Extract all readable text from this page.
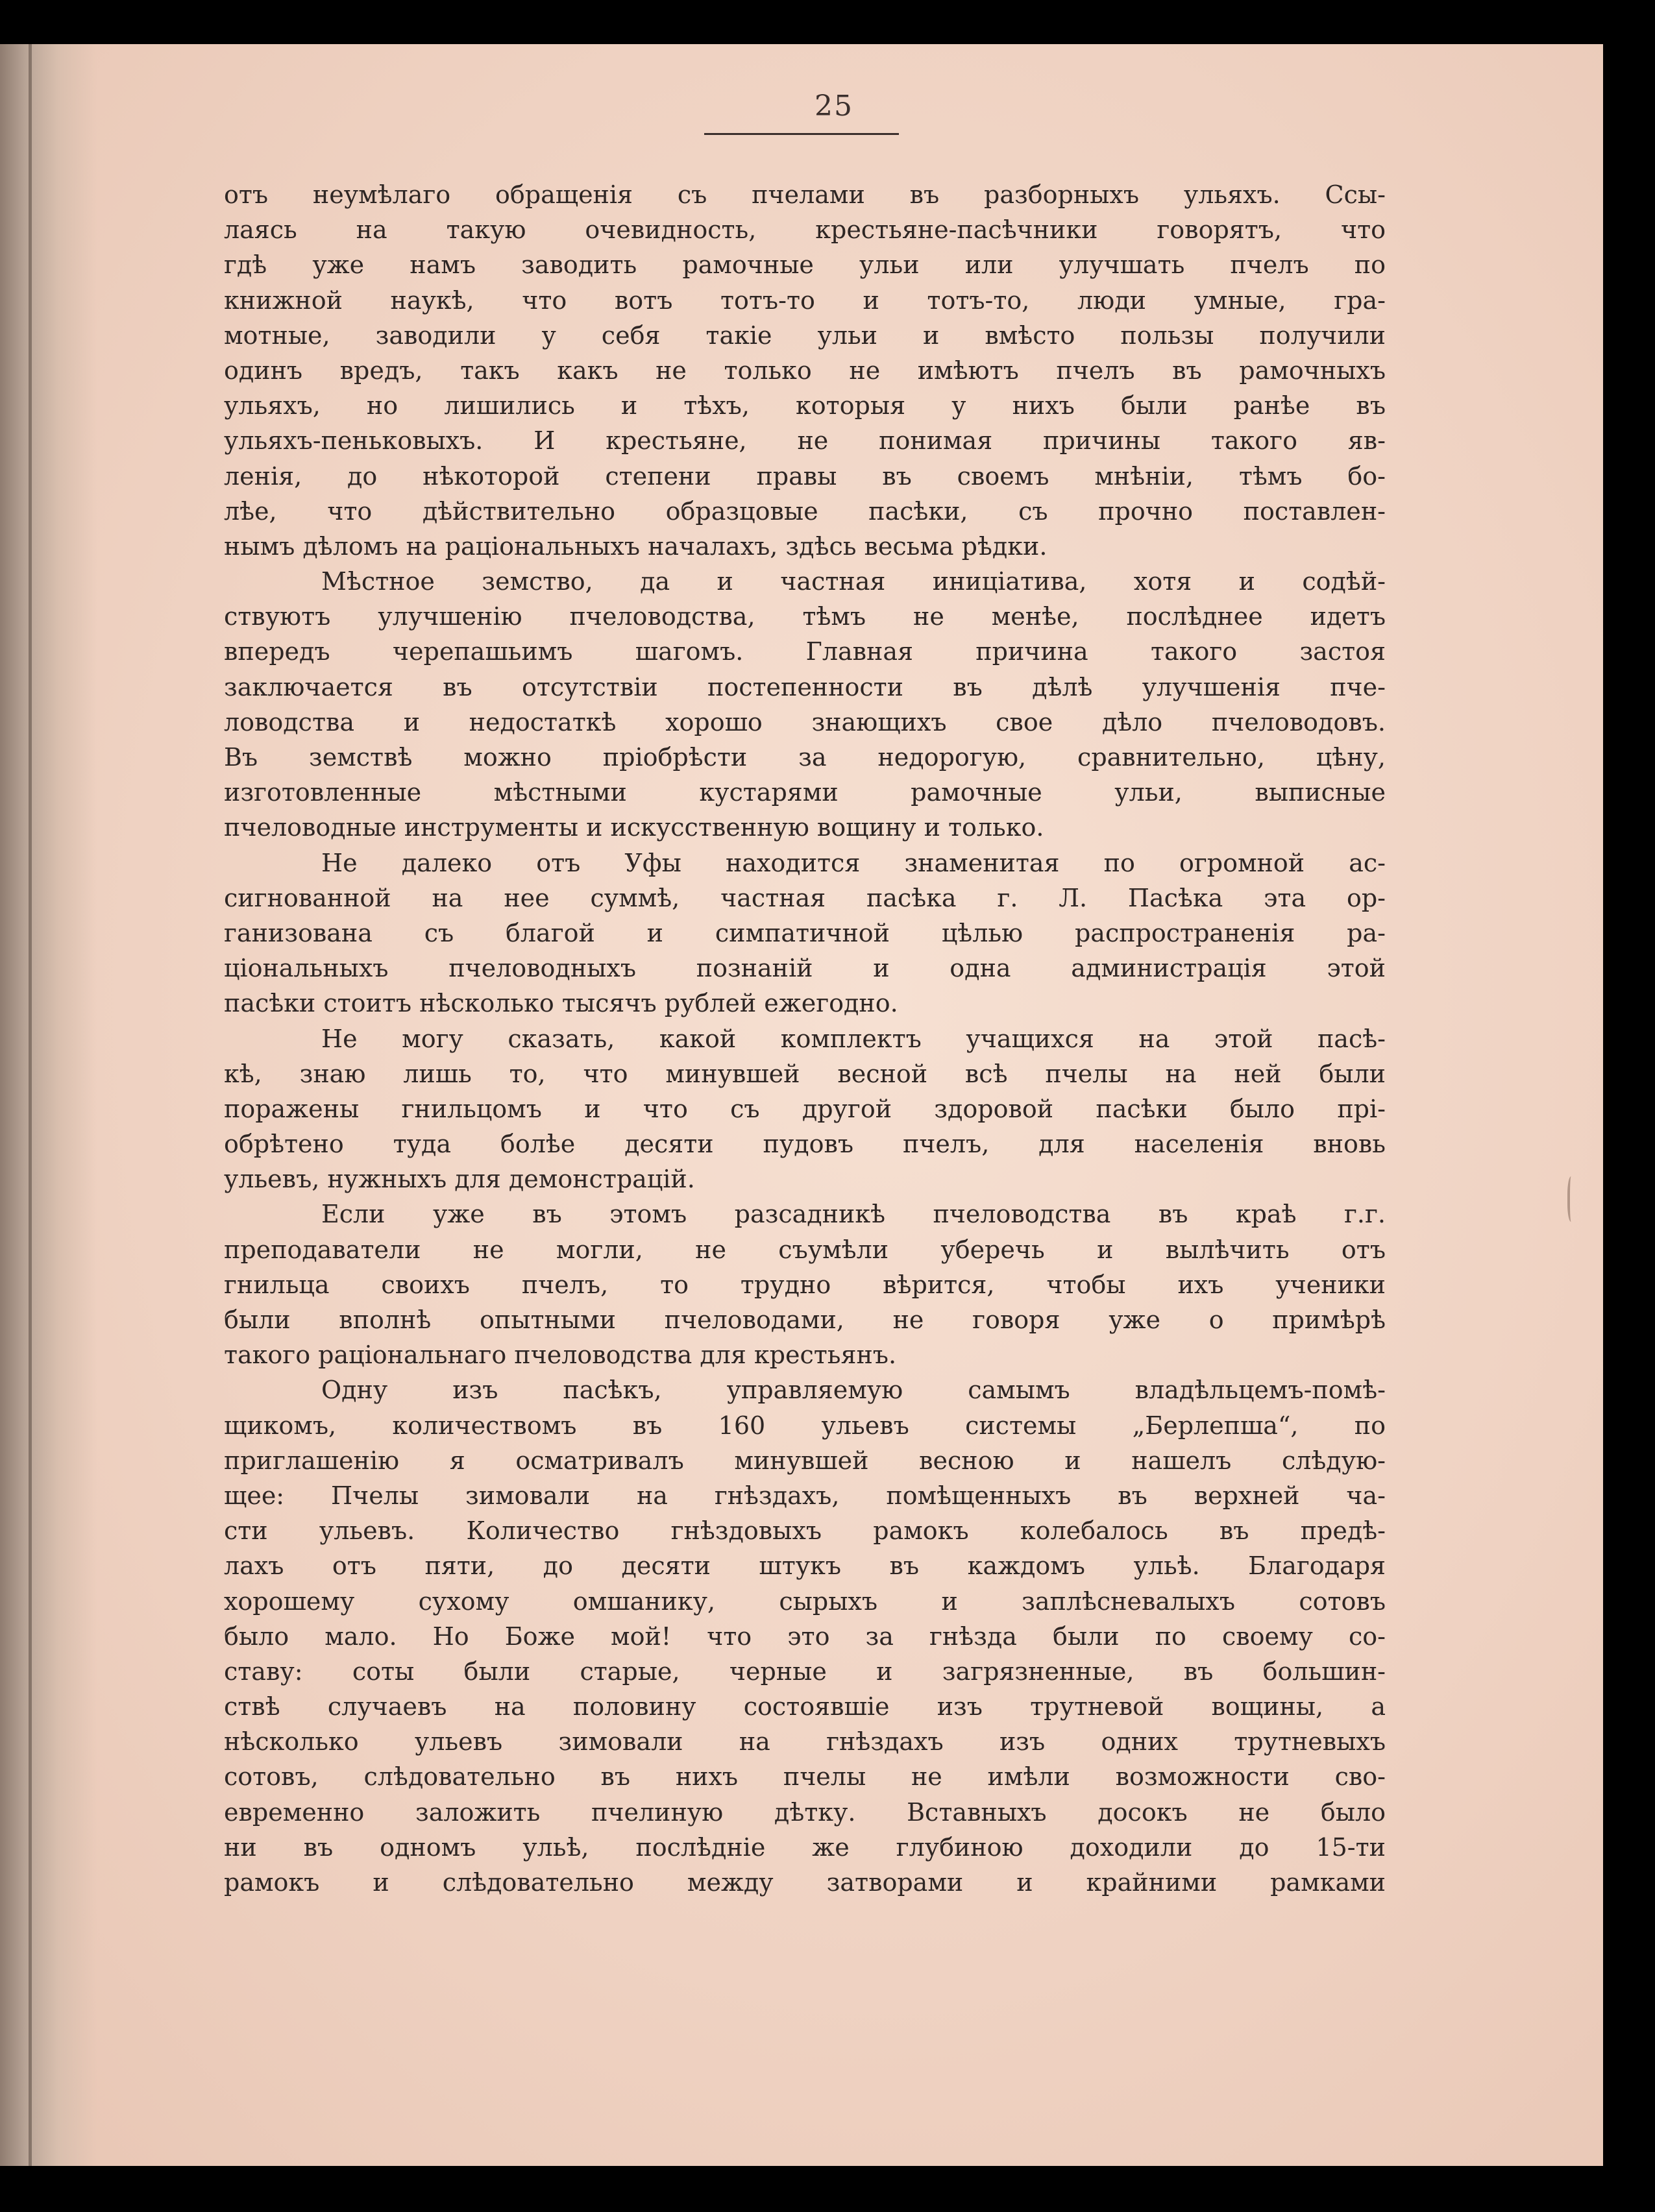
25
отъ неумѣлаго обращенія съ пчелами въ разборныхъ ульяхъ. Ссы-
лаясь на такую очевидность, крестьяне-пасѣчники говорятъ, что
гдѣ уже намъ заводить рамочные ульи или улучшать пчелъ по
книжной наукѣ, что вотъ тотъ-то и тотъ-то, люди умные, гра-
мотные, заводили у себя такіе ульи и вмѣсто пользы получили
одинъ вредъ, такъ какъ не только не имѣютъ пчелъ въ рамочныхъ
ульяхъ, но лишились и тѣхъ, которыя у нихъ были ранѣе въ
ульяхъ-пеньковыхъ. И крестьяне, не понимая причины такого яв-
ленія, до нѣкоторой степени правы въ своемъ мнѣніи, тѣмъ бо-
лѣе, что дѣйствительно образцовые пасѣки, съ прочно поставлен-
нымъ дѣломъ на раціональныхъ началахъ, здѣсь весьма рѣдки.
Мѣстное земство, да и частная иниціатива, хотя и содѣй-
ствуютъ улучшенію пчеловодства, тѣмъ не менѣе, послѣднее идетъ
впередъ черепашьимъ шагомъ. Главная причина такого застоя
заключается въ отсутствіи постепенности въ дѣлѣ улучшенія пче-
ловодства и недостаткѣ хорошо знающихъ свое дѣло пчеловодовъ.
Въ земствѣ можно пріобрѣсти за недорогую, сравнительно, цѣну,
изготовленные мѣстными кустарями рамочные ульи, выписные
пчеловодные инструменты и искусственную вощину и только.
Не далеко отъ Уфы находится знаменитая по огромной ас-
сигнованной на нее суммѣ, частная пасѣка г. Л. Пасѣка эта ор-
ганизована съ благой и симпатичной цѣлью распространенія ра-
ціональныхъ пчеловодныхъ познаній и одна администрація этой
пасѣки стоитъ нѣсколько тысячъ рублей ежегодно.
Не могу сказать, какой комплектъ учащихся на этой пасѣ-
кѣ, знаю лишь то, что минувшей весной всѣ пчелы на ней были
поражены гнильцомъ и что съ другой здоровой пасѣки было прі-
обрѣтено туда болѣе десяти пудовъ пчелъ, для населенія вновь
ульевъ, нужныхъ для демонстрацій.
Если уже въ этомъ разсадникѣ пчеловодства въ краѣ г.г.
преподаватели не могли, не съумѣли уберечь и вылѣчить отъ
гнильца своихъ пчелъ, то трудно вѣрится, чтобы ихъ ученики
были вполнѣ опытными пчеловодами, не говоря уже о примѣрѣ
такого раціональнаго пчеловодства для крестьянъ.
Одну изъ пасѣкъ, управляемую самымъ владѣльцемъ-помѣ-
щикомъ, количествомъ въ 160 ульевъ системы „Берлепша“, по
приглашенію я осматривалъ минувшей весною и нашелъ слѣдую-
щее: Пчелы зимовали на гнѣздахъ, помѣщенныхъ въ верхней ча-
сти ульевъ. Количество гнѣздовыхъ рамокъ колебалось въ предѣ-
лахъ отъ пяти, до десяти штукъ въ каждомъ ульѣ. Благодаря
хорошему сухому омшанику, сырыхъ и заплѣсневалыхъ сотовъ
было мало. Но Боже мой! что это за гнѣзда были по своему со-
ставу: соты были старые, черные и загрязненные, въ большин-
ствѣ случаевъ на половину состоявшіе изъ трутневой вощины, а
нѣсколько ульевъ зимовали на гнѣздахъ изъ одних трутневыхъ
сотовъ, слѣдовательно въ нихъ пчелы не имѣли возможности сво-
евременно заложить пчелиную дѣтку. Вставныхъ досокъ не было
ни въ одномъ ульѣ, послѣдніе же глубиною доходили до 15-ти
рамокъ и слѣдовательно между затворами и крайними рамками
